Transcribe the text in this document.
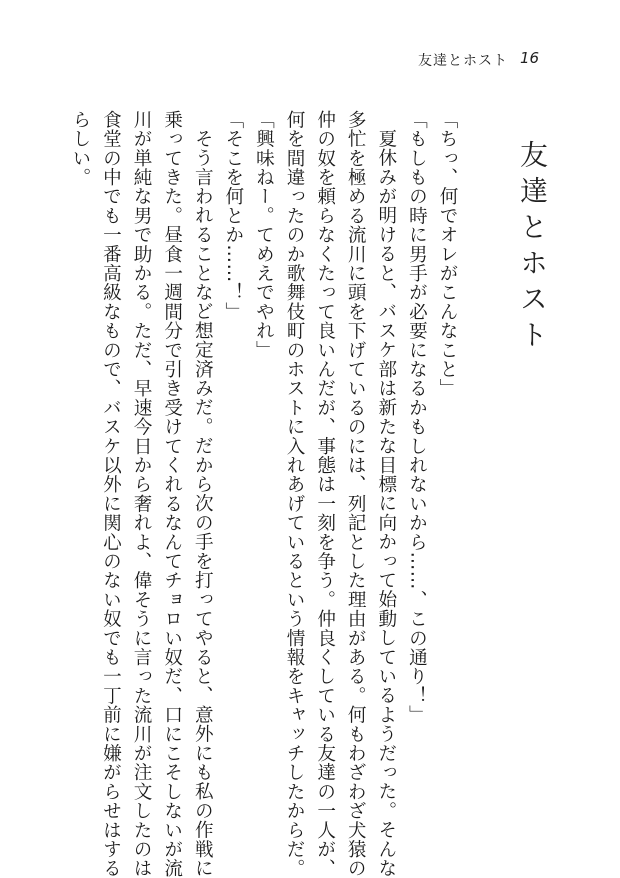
友達とホスト 16
友達とホスト

「ちっ、何でオレがこんなこと」

「もしもの時に男手が必要になるかもしれないから……、この通り！」

夏休みが明けると、バスケ部は新たな目標に向かって始動しているようだった。そんな

多忙を極める流川に頭を下げているのには、列記とした理由がある。何もわざわざ犬猿の

仲の奴を頼らなくたって良いんだが、事態は一刻を争う。仲良くしている友達の一人が、

何を間違ったのか歌舞伎町のホストに入れあげているという情報をキャッチしたからだ。

「興味ねー。てめえでやれ」

「そこを何とか……！」

そう言われることなど想定済みだ。だから次の手を打ってやると、意外にも私の作戦に

乗ってきた。昼食一週間分で引き受けてくれるなんてチョロい奴だ、口にこそしないが流

川が単純な男で助かる。ただ、早速今日から奢れよ、偉そうに言った流川が注文したのは

食堂の中でも一番高級なもので、バスケ以外に関心のない奴でも一丁前に嫌がらせはする

らしい。
